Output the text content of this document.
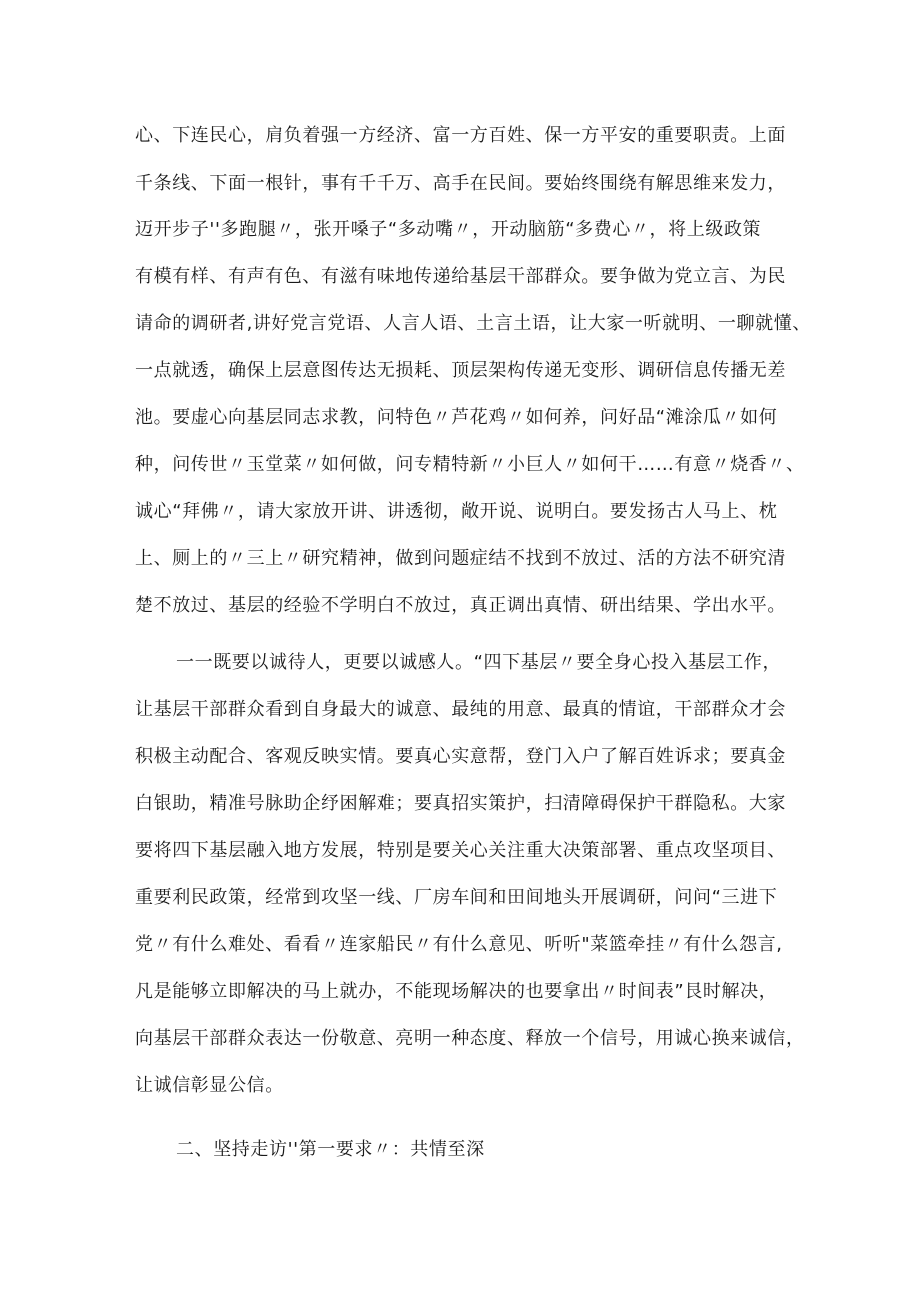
心、下连民心，肩负着强一方经济、富一方百姓、保一方平安的重要职责。上面
千条线、下面一根针，事有千千万、高手在民间。要始终围绕有解思维来发力，
迈开步子''多跑腿〃，张开嗓子“多动嘴〃，开动脑筋“多费心〃，将上级政策
有模有样、有声有色、有滋有味地传递给基层干部群众。要争做为党立言、为民
请命的调研者,讲好党言党语、人言人语、土言土语，让大家一听就明、一聊就懂、
一点就透，确保上层意图传达无损耗、顶层架构传递无变形、调研信息传播无差
池。要虚心向基层同志求教，问特色〃芦花鸡〃如何养，问好品“滩涂瓜〃如何
种，问传世〃玉堂菜〃如何做，问专精特新〃小巨人〃如何干……有意〃烧香〃、
诚心“拜佛〃，请大家放开讲、讲透彻，敞开说、说明白。要发扬古人马上、枕
上、厕上的〃三上〃研究精神，做到问题症结不找到不放过、活的方法不研究清
楚不放过、基层的经验不学明白不放过，真正调出真情、研出结果、学出水平。
一一既要以诚待人，更要以诚感人。“四下基层〃要全身心投入基层工作，
让基层干部群众看到自身最大的诚意、最纯的用意、最真的情谊，干部群众才会
积极主动配合、客观反映实情。要真心实意帮，登门入户了解百姓诉求；要真金
白银助，精准号脉助企纾困解难；要真招实策护，扫清障碍保护干群隐私。大家
要将四下基层融入地方发展，特别是要关心关注重大决策部署、重点攻坚项目、
重要利民政策，经常到攻坚一线、厂房车间和田间地头开展调研，问问“三进下
党〃有什么难处、看看〃连家船民〃有什么意见、听听"菜篮牵挂〃有什么怨言,
凡是能够立即解决的马上就办，不能现场解决的也要拿出〃时间表”艮时解决，
向基层干部群众表达一份敬意、亮明一种态度、释放一个信号，用诚心换来诚信，
让诚信彰显公信。
二、坚持走访''第一要求〃：共情至深
